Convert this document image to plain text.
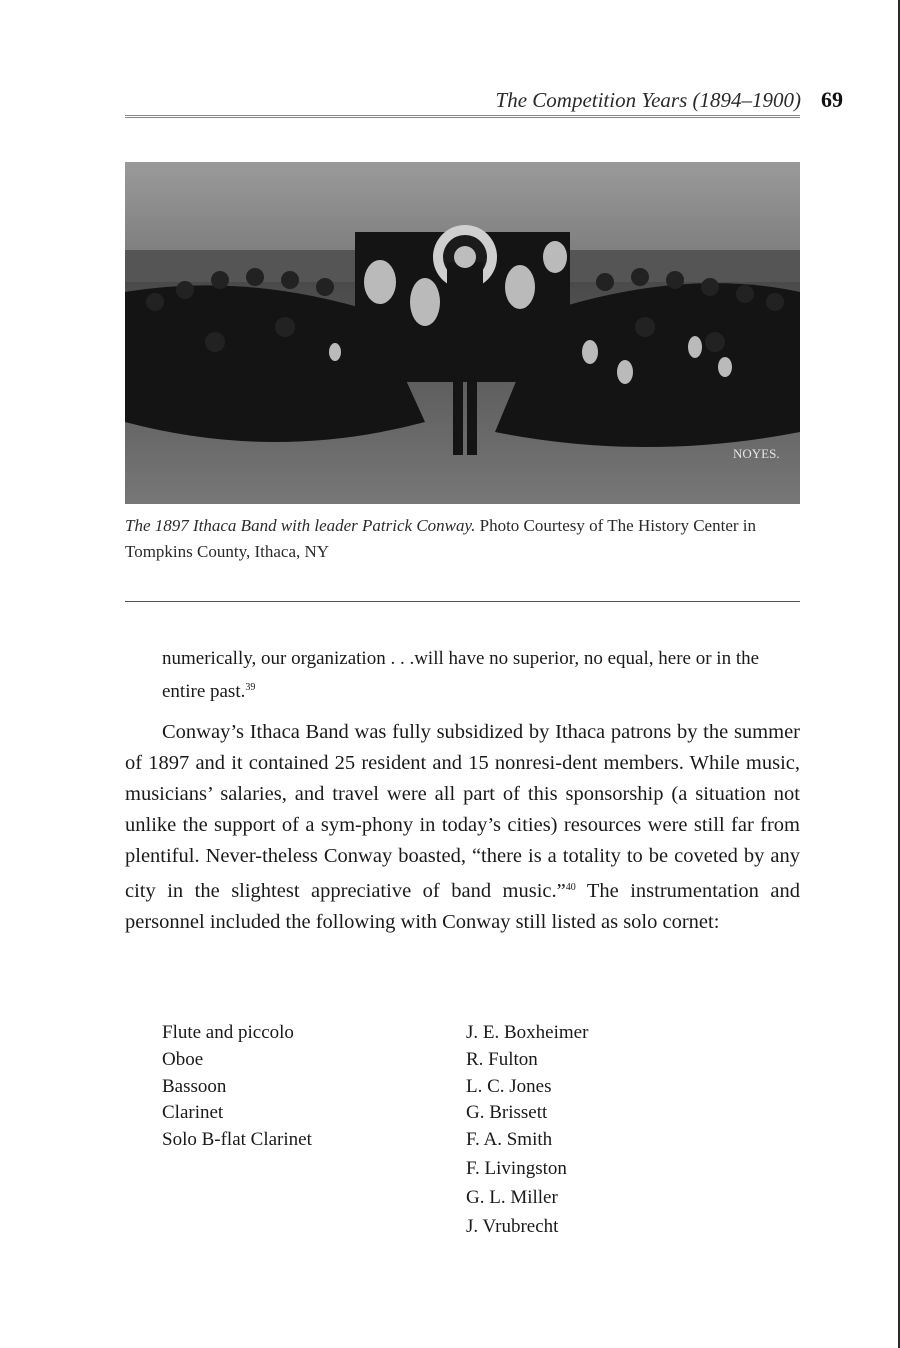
The Competition Years (1894–1900) 69
NOYES.
The 1897 Ithaca Band with leader Patrick Conway. Photo Courtesy of The History Center in Tompkins County, Ithaca, NY
numerically, our organization . . .will have no superior, no equal, here or in the entire past.$^{39}$
Conway’s Ithaca Band was fully subsidized by Ithaca patrons by the summer of 1897 and it contained 25 resident and 15 nonresi-dent members. While music, musicians’ salaries, and travel were all part of this sponsorship (a situation not unlike the support of a sym-phony in today’s cities) resources were still far from plentiful. Never-theless Conway boasted, “there is a totality to be coveted by any city in the slightest appreciative of band music.”$^{40}$ The instrumentation and personnel included the following with Conway still listed as solo cornet:
Flute and piccolo
Oboe
Bassoon
Clarinet
Solo B-flat Clarinet
J. E. Boxheimer
R. Fulton
L. C. Jones
G. Brissett
F. A. Smith
F. Livingston
G. L. Miller
J. Vrubrecht
